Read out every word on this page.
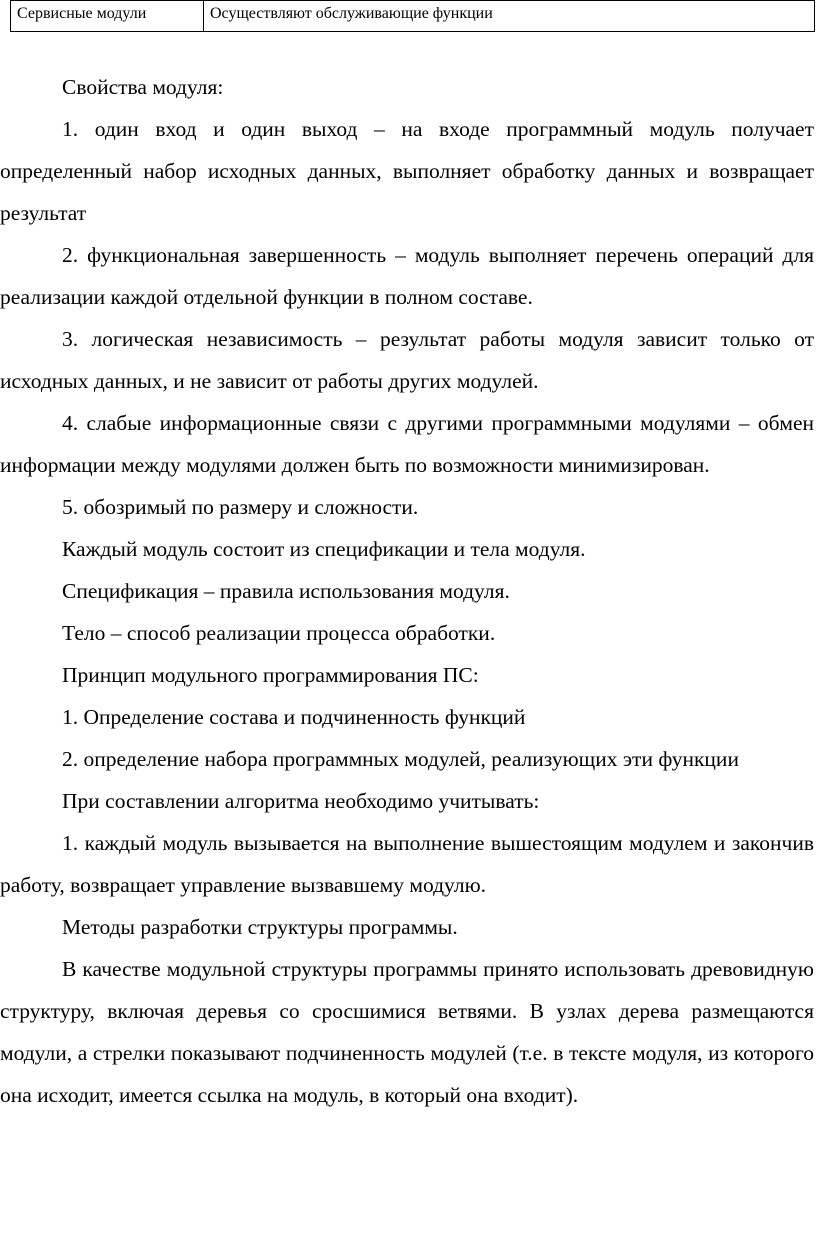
Сервисные модули	Осуществляют обслуживающие функции

Свойства модуля:

1. один вход и один выход – на входе программный модуль получает определенный набор исходных данных, выполняет обработку данных и возвращает результат

2. функциональная завершенность – модуль выполняет перечень операций для реализации каждой отдельной функции в полном составе.

3. логическая независимость – результат работы модуля зависит только от исходных данных, и не зависит от работы других модулей.

4. слабые информационные связи с другими программными модулями – обмен информации между модулями должен быть по возможности минимизирован.

5. обозримый по размеру и сложности.

Каждый модуль состоит из спецификации и тела модуля.

Спецификация – правила использования модуля.

Тело – способ реализации процесса обработки.

Принцип модульного программирования ПС:

1. Определение состава и подчиненность функций

2. определение набора программных модулей, реализующих эти функции

При составлении алгоритма необходимо учитывать:

1. каждый модуль вызывается на выполнение вышестоящим модулем и закончив работу, возвращает управление вызвавшему модулю.

Методы разработки структуры программы.

В качестве модульной структуры программы принято использовать древовидную структуру, включая деревья со сросшимися ветвями. В узлах дерева размещаются модули, а стрелки показывают подчиненность модулей (т.е. в тексте модуля, из которого она исходит, имеется ссылка на модуль, в который она входит).
